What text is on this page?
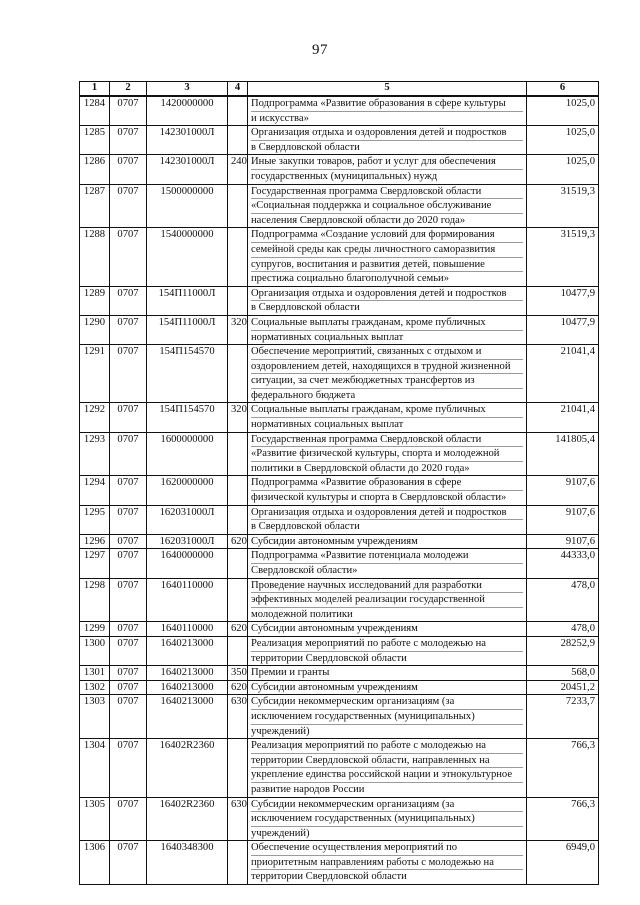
97
1	2	3	4	5	6
1284	0707	1420000000		Подпрограмма «Развитие образования в сфере культуры
и искусства»	1025,0
1285	0707	142301000Л		Организация отдыха и оздоровления детей и подростков
в Свердловской области	1025,0
1286	0707	142301000Л	240	Иные закупки товаров, работ и услуг для обеспечения
государственных (муниципальных) нужд	1025,0
1287	0707	1500000000		Государственная программа Свердловской области
«Социальная поддержка и социальное обслуживание
населения Свердловской области до 2020 года»	31519,3
1288	0707	1540000000		Подпрограмма «Создание условий для формирования
семейной среды как среды личностного саморазвития
супругов, воспитания и развития детей, повышение
престижа социально благополучной семьи»	31519,3
1289	0707	154П11000Л		Организация отдыха и оздоровления детей и подростков
в Свердловской области	10477,9
1290	0707	154П11000Л	320	Социальные выплаты гражданам, кроме публичных
нормативных социальных выплат	10477,9
1291	0707	154П154570		Обеспечение мероприятий, связанных с отдыхом и
оздоровлением детей, находящихся в трудной жизненной
ситуации, за счет межбюджетных трансфертов из
федерального бюджета	21041,4
1292	0707	154П154570	320	Социальные выплаты гражданам, кроме публичных
нормативных социальных выплат	21041,4
1293	0707	1600000000		Государственная программа Свердловской области
«Развитие физической культуры, спорта и молодежной
политики в Свердловской области до 2020 года»	141805,4
1294	0707	1620000000		Подпрограмма «Развитие образования в сфере
физической культуры и спорта в Свердловской области»	9107,6
1295	0707	162031000Л		Организация отдыха и оздоровления детей и подростков
в Свердловской области	9107,6
1296	0707	162031000Л	620	Субсидии автономным учреждениям	9107,6
1297	0707	1640000000		Подпрограмма «Развитие потенциала молодежи
Свердловской области»	44333,0
1298	0707	1640110000		Проведение научных исследований для разработки
эффективных моделей реализации государственной
молодежной политики	478,0
1299	0707	1640110000	620	Субсидии автономным учреждениям	478,0
1300	0707	1640213000		Реализация мероприятий по работе с молодежью на
территории Свердловской области	28252,9
1301	0707	1640213000	350	Премии и гранты	568,0
1302	0707	1640213000	620	Субсидии автономным учреждениям	20451,2
1303	0707	1640213000	630	Субсидии некоммерческим организациям (за
исключением государственных (муниципальных)
учреждений)	7233,7
1304	0707	16402R2360		Реализация мероприятий по работе с молодежью на
территории Свердловской области, направленных на
укрепление единства российской нации и этнокультурное
развитие народов России	766,3
1305	0707	16402R2360	630	Субсидии некоммерческим организациям (за
исключением государственных (муниципальных)
учреждений)	766,3
1306	0707	1640348300		Обеспечение осуществления мероприятий по
приоритетным направлениям работы с молодежью на
территории Свердловской области	6949,0
